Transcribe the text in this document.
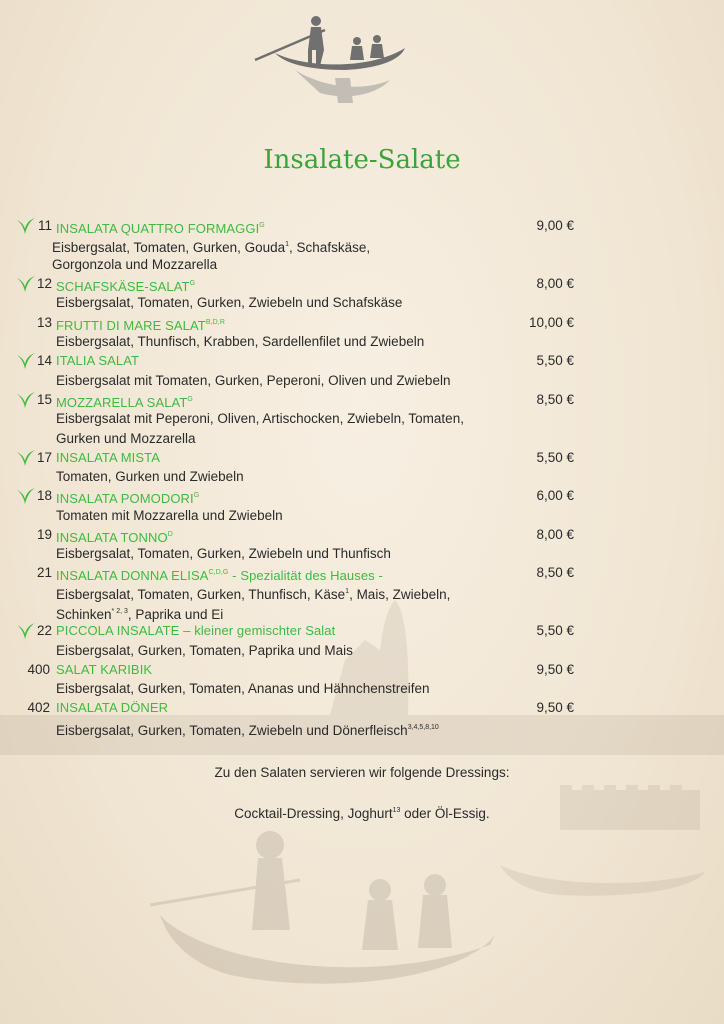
Insalate-Salate
11 INSALATA QUATTRO $FORMAGGI^G$	9,00 €
Eisbergsalat, Tomaten, Gurken, Gouda$^1$, Schafskäse,
Gorgonzola und Mozzarella
12 SCHAFSKÄSE-$SALAT^G$	8,00 €
Eisbergsalat, Tomaten, Gurken, Zwiebeln und Schafskäse
13 FRUTTI DI MARE $SALAT^{B,D,R}$	10,00 €
Eisbergsalat, Thunfisch, Krabben, Sardellenfilet und Zwiebeln
14 ITALIA SALAT	5,50 €
Eisbergsalat mit Tomaten, Gurken, Peperoni, Oliven und Zwiebeln
15 MOZZARELLA $SALAT^G$	8,50 €
Eisbergsalat mit Peperoni, Oliven, Artischocken, Zwiebeln, Tomaten,
Gurken und Mozzarella
17 INSALATA MISTA	5,50 €
Tomaten, Gurken und Zwiebeln
18 INSALATA $POMODORI^G$	6,00 €
Tomaten mit Mozzarella und Zwiebeln
19 INSALATA $TONNO^D$	8,00 €
Eisbergsalat, Tomaten, Gurken, Zwiebeln und Thunfisch
21 INSALATA DONNA $ELISA^{C,D,G}$ - Spezialität des Hauses -	8,50 €
Eisbergsalat, Tomaten, Gurken, Thunfisch, Käse$^1$, Mais, Zwiebeln,
Schinken$^{* 2, 3}$, Paprika und Ei
22 PICCOLA INSALATE – kleiner gemischter Salat	5,50 €
Eisbergsalat, Gurken, Tomaten, Paprika und Mais
400 SALAT KARIBIK	9,50 €
Eisbergsalat, Gurken, Tomaten, Ananas und Hähnchenstreifen
402 INSALATA DÖNER	9,50 €
Eisbergsalat, Gurken, Tomaten, Zwiebeln und Dönerfleisch$^{3,4,5,8,10}$
Zu den Salaten servieren wir folgende Dressings:
Cocktail-Dressing, Joghurt$^{13}$ oder Öl-Essig.
